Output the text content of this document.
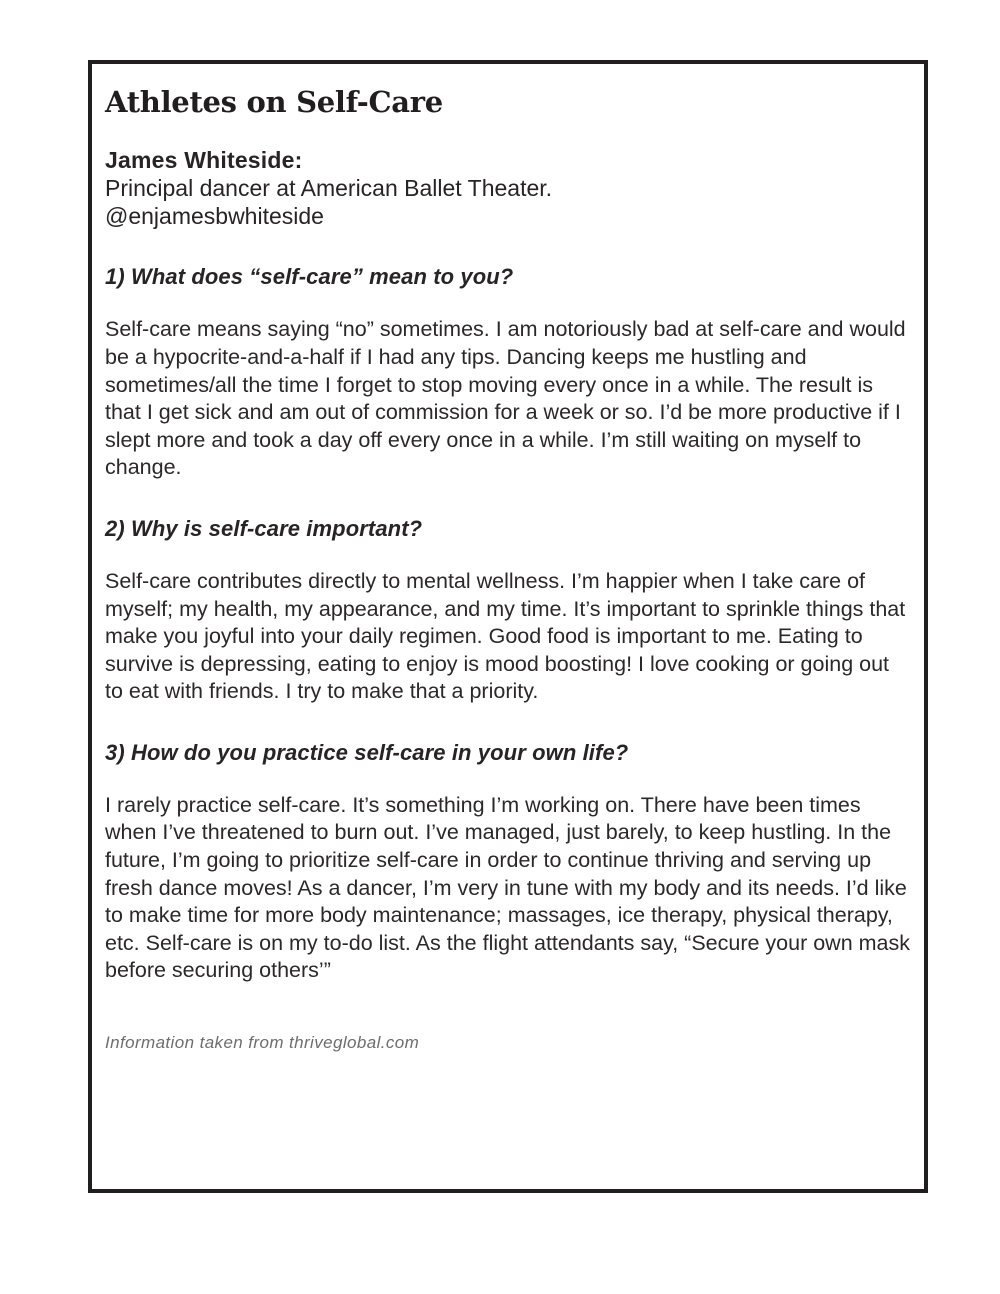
Athletes on Self-Care

James Whiteside:

Principal dancer at American Ballet Theater.

@enjamesbwhiteside

1) What does “self-care” mean to you?

Self-care means saying “no” sometimes. I am notoriously bad at self-care and would be a hypocrite-and-a-half if I had any tips. Dancing keeps me hustling and sometimes/all the time I forget to stop moving every once in a while. The result is that I get sick and am out of commission for a week or so. I’d be more productive if I slept more and took a day off every once in a while. I’m still waiting on myself to change.

2) Why is self-care important?

Self-care contributes directly to mental wellness. I’m happier when I take care of myself; my health, my appearance, and my time. It’s important to sprinkle things that make you joyful into your daily regimen. Good food is important to me. Eating to survive is depressing, eating to enjoy is mood boosting! I love cooking or going out to eat with friends. I try to make that a priority.

3) How do you practice self-care in your own life?

I rarely practice self-care. It’s something I’m working on. There have been times when I’ve threatened to burn out. I’ve managed, just barely, to keep hustling. In the future, I’m going to prioritize self-care in order to continue thriving and serving up fresh dance moves! As a dancer, I’m very in tune with my body and its needs. I’d like to make time for more body maintenance; massages, ice therapy, physical therapy, etc. Self-care is on my to-do list. As the flight attendants say, “Secure your own mask before securing others’”

Information taken from thriveglobal.com
